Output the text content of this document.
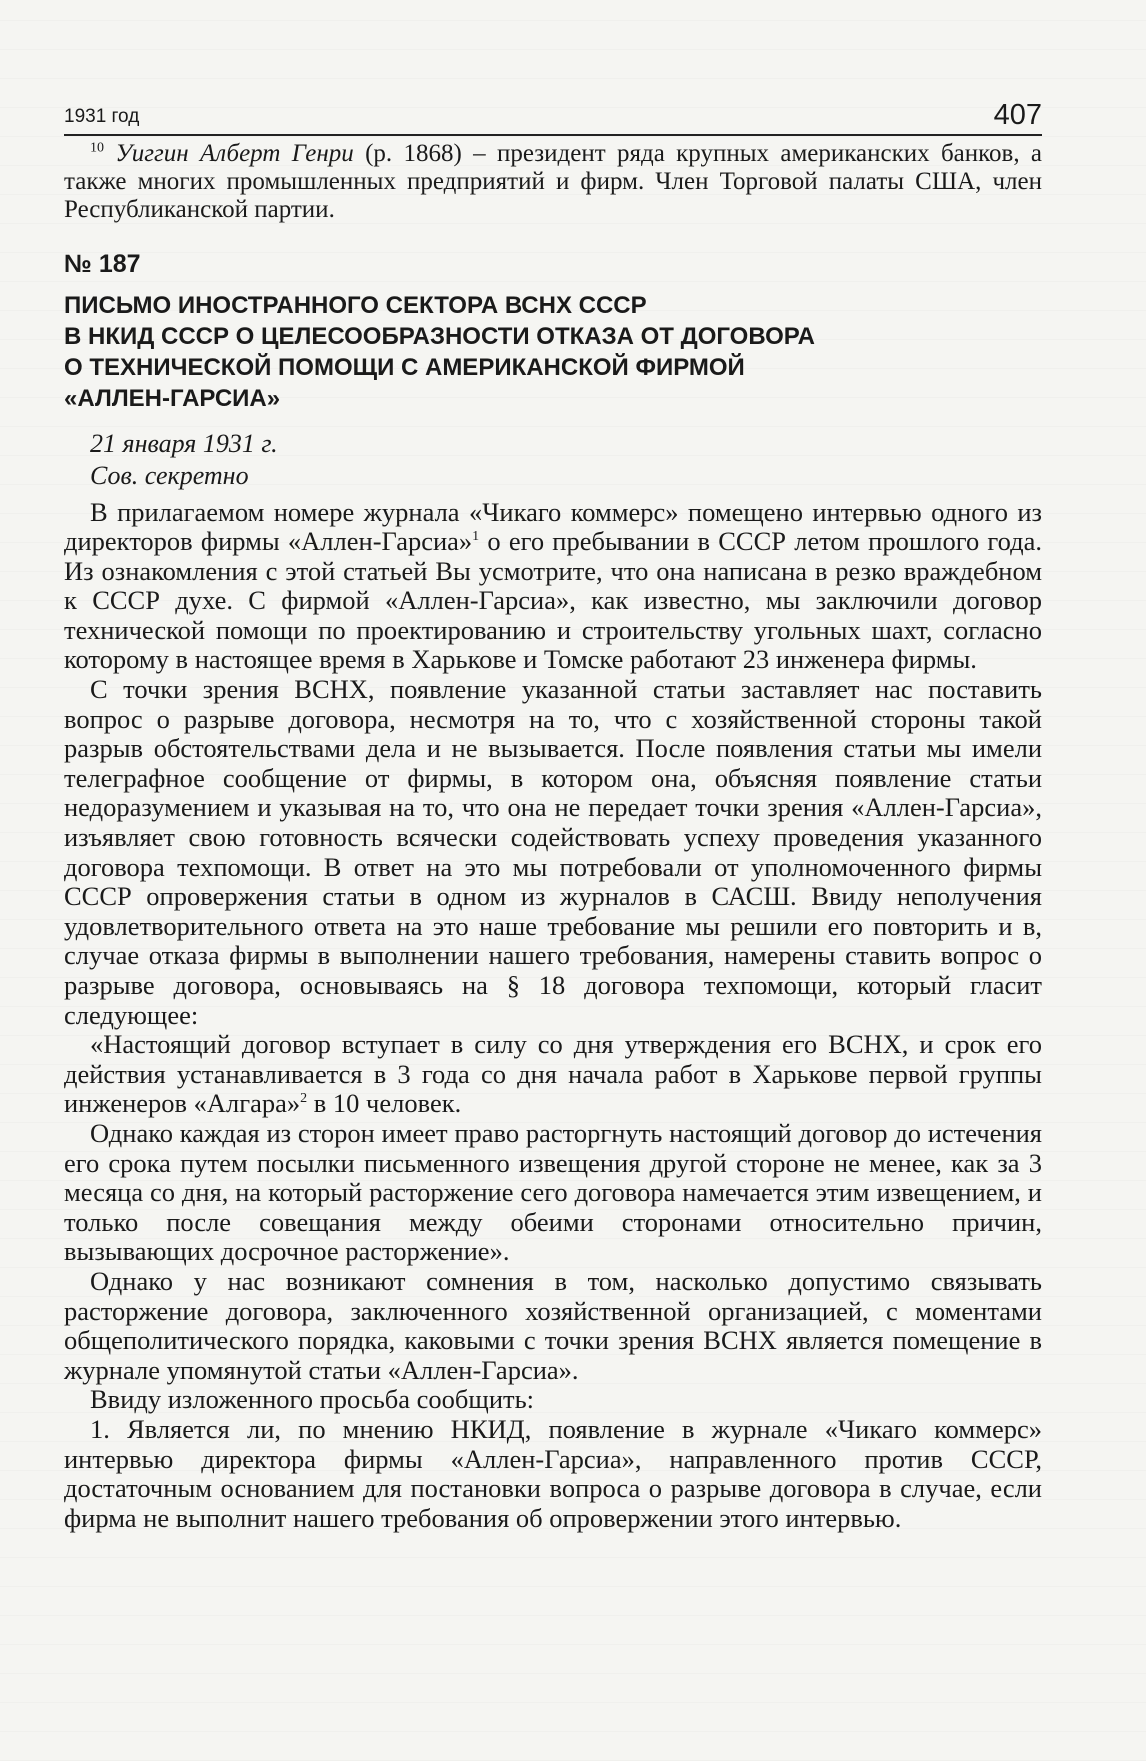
1931 год	407

$^{10}$ Уиггин Алберт Генри (р. 1868) – президент ряда крупных американских банков, а также многих промышленных предприятий и фирм. Член Торговой палаты США, член Республиканской партии.

№ 187
ПИСЬМО ИНОСТРАННОГО СЕКТОРА ВСНХ СССР
В НКИД СССР О ЦЕЛЕСООБРАЗНОСТИ ОТКАЗА ОТ ДОГОВОРА
О ТЕХНИЧЕСКОЙ ПОМОЩИ С АМЕРИКАНСКОЙ ФИРМОЙ
«АЛЛЕН-ГАРСИА»
21 января 1931 г.
Сов. секретно

В прилагаемом номере журнала «Чикаго коммерс» помещено интервью одного из директоров фирмы «Аллен-Гарсиа»$^1$ о его пребывании в СССР летом прошлого года. Из ознакомления с этой статьей Вы усмотрите, что она написана в резко враждебном к СССР духе. С фирмой «Аллен-Гарсиа», как известно, мы заключили договор технической помощи по проектированию и строительству угольных шахт, согласно которому в настоящее время в Харькове и Томске работают 23 инженера фирмы.

С точки зрения ВСНХ, появление указанной статьи заставляет нас поставить вопрос о разрыве договора, несмотря на то, что с хозяйственной стороны такой разрыв обстоятельствами дела и не вызывается. После появления статьи мы имели телеграфное сообщение от фирмы, в котором она, объясняя появление статьи недоразумением и указывая на то, что она не передает точки зрения «Аллен-Гарсиа», изъявляет свою готовность всячески содействовать успеху проведения указанного договора техпомощи. В ответ на это мы потребовали от уполномоченного фирмы СССР опровержения статьи в одном из журналов в САСШ. Ввиду неполучения удовлетворительного ответа на это наше требование мы решили его повторить и в, случае отказа фирмы в выполнении нашего требования, намерены ставить вопрос о разрыве договора, основываясь на § 18 договора техпомощи, который гласит следующее:

«Настоящий договор вступает в силу со дня утверждения его ВСНХ, и срок его действия устанавливается в 3 года со дня начала работ в Харькове первой группы инженеров «Алгара»$^2$ в 10 человек.

Однако каждая из сторон имеет право расторгнуть настоящий договор до истечения его срока путем посылки письменного извещения другой стороне не менее, как за 3 месяца со дня, на который расторжение сего договора намечается этим извещением, и только после совещания между обеими сторонами относительно причин, вызывающих досрочное расторжение».

Однако у нас возникают сомнения в том, насколько допустимо связывать расторжение договора, заключенного хозяйственной организацией, с моментами общеполитического порядка, каковыми с точки зрения ВСНХ является помещение в журнале упомянутой статьи «Аллен-Гарсиа».

Ввиду изложенного просьба сообщить:

1. Является ли, по мнению НКИД, появление в журнале «Чикаго коммерс» интервью директора фирмы «Аллен-Гарсиа», направленного против СССР, достаточным основанием для постановки вопроса о разрыве договора в случае, если фирма не выполнит нашего требования об опровержении этого интервью.
